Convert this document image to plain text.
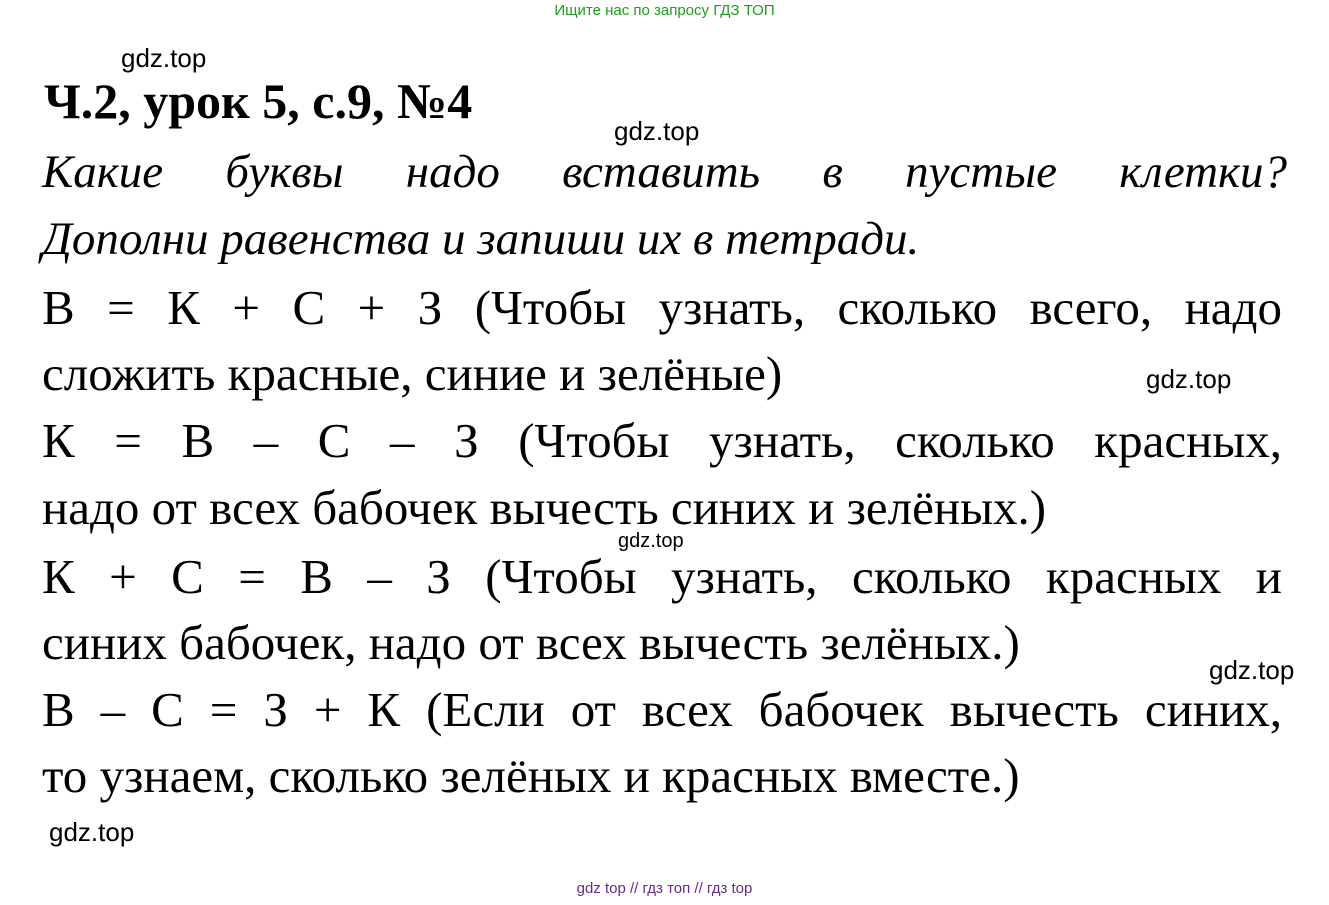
Ищите нас по запросу ГДЗ ТОП
gdz.top
Ч.2, урок 5, с.9, №4
gdz.top
Какие буквы надо вставить в пустые клетки?
Дополни равенства и запиши их в тетради.
В = К + С + З (Чтобы узнать, сколько всего, надо
сложить красные, синие и зелёные)	gdz.top
К = В – С – З (Чтобы узнать, сколько красных,
надо от всех бабочек вычесть синих и зелёных.)
gdz.top
К + С = В – З (Чтобы узнать, сколько красных и
синих бабочек, надо от всех вычесть зелёных.)	gdz.top
В – С = З + К (Если от всех бабочек вычесть синих,
то узнаем, сколько зелёных и красных вместе.)
gdz.top
gdz top // гдз топ // гдз top
